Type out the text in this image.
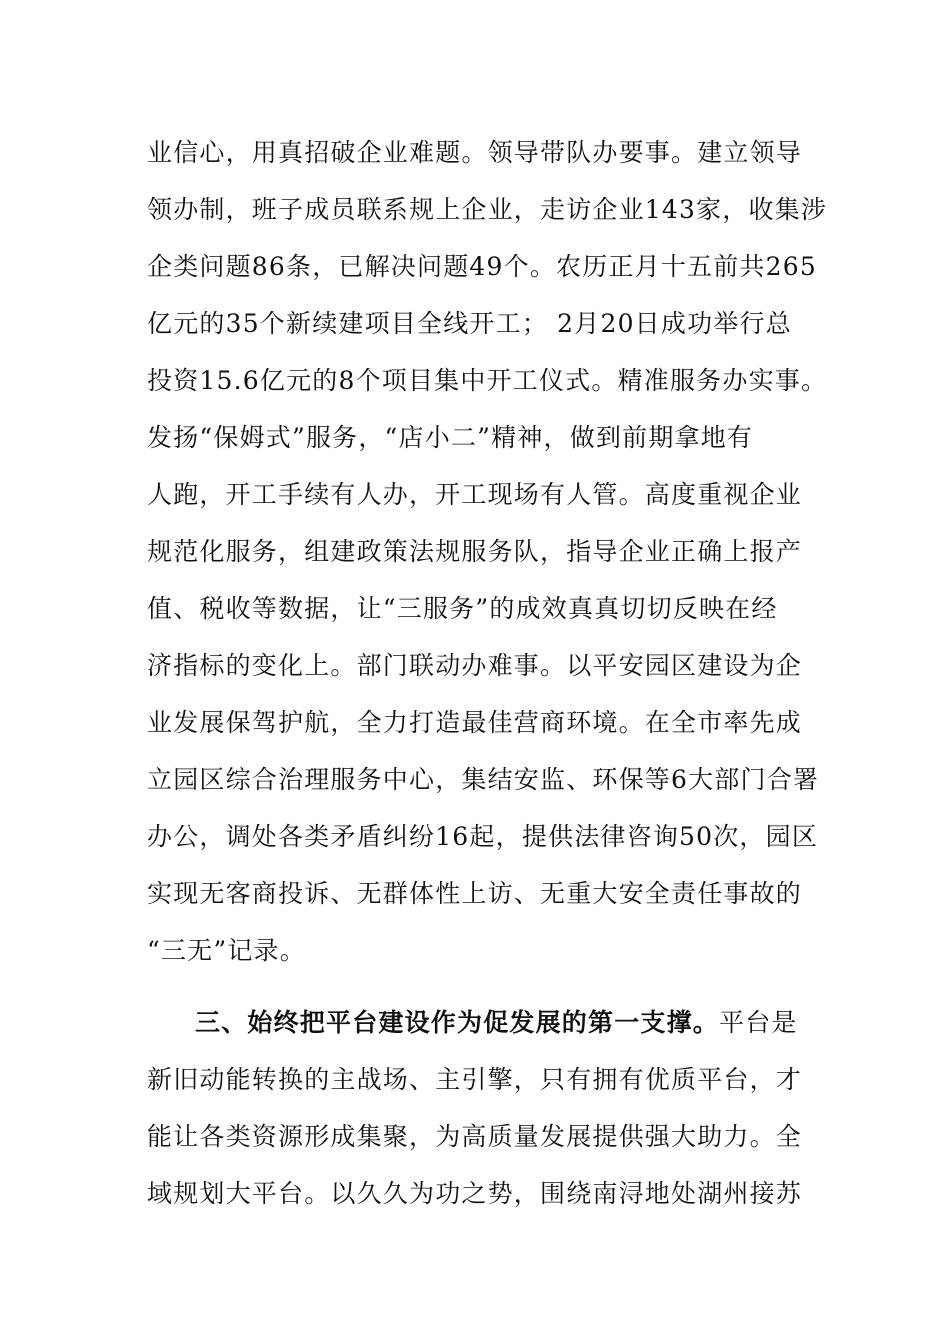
业信心，用真招破企业难题。领导带队办要事。建立领导
领办制，班子成员联系规上企业，走访企业143家，收集涉
企类问题86条，已解决问题49个。农历正月十五前共265
亿元的35个新续建项目全线开工； 2月20日成功举行总
投资15.6亿元的8个项目集中开工仪式。精准服务办实事。
发扬“保姆式”服务，“店小二”精神，做到前期拿地有
人跑，开工手续有人办，开工现场有人管。高度重视企业
规范化服务，组建政策法规服务队，指导企业正确上报产
值、税收等数据，让“三服务”的成效真真切切反映在经
济指标的变化上。部门联动办难事。以平安园区建设为企
业发展保驾护航，全力打造最佳营商环境。在全市率先成
立园区综合治理服务中心，集结安监、环保等6大部门合署
办公，调处各类矛盾纠纷16起，提供法律咨询50次，园区
实现无客商投诉、无群体性上访、无重大安全责任事故的
“三无”记录。
三、始终把平台建设作为促发展的第一支撑。平台是
新旧动能转换的主战场、主引擎，只有拥有优质平台，才
能让各类资源形成集聚，为高质量发展提供强大助力。全
域规划大平台。以久久为功之势，围绕南浔地处湖州接苏
